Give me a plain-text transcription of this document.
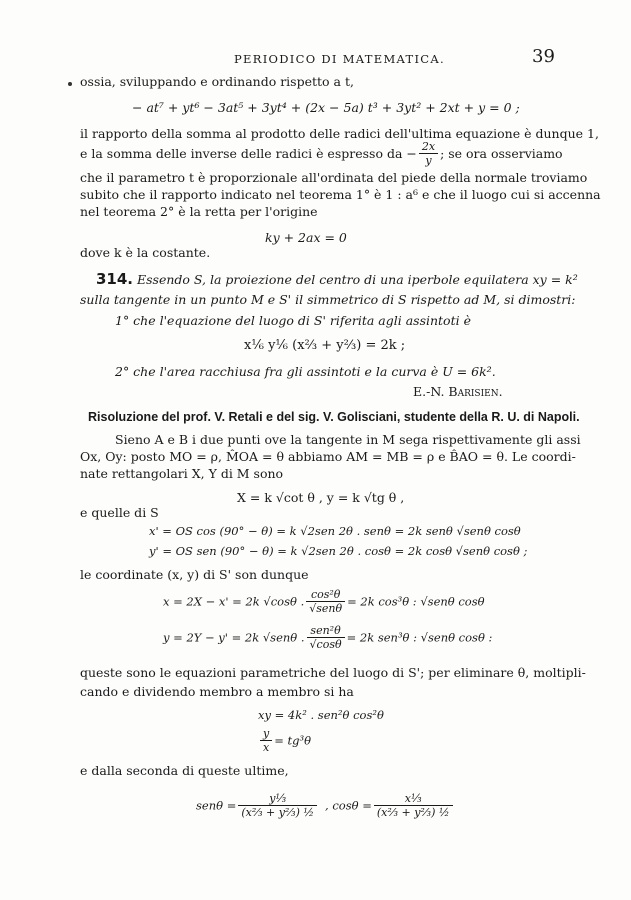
PERIODICO DI MATEMATICA.	39
ossia, sviluppando e ordinando rispetto a t,
− at⁷ + yt⁶ − 3at⁵ + 3yt⁴ + (2x − 5a) t³ + 3yt² + 2xt + y = 0 ;
il rapporto della somma al prodotto delle radici dell'ultima equazione è dunque 1,
e la somma delle inverse delle radici è espresso da − $\frac{2x}{y}$ ; se ora osserviamo
che il parametro t è proporzionale all'ordinata del piede della normale troviamo
subito che il rapporto indicato nel teorema 1° è 1 : a⁶ e che il luogo cui si accenna
nel teorema 2° è la retta per l'origine
ky + 2ax = 0
dove k è la costante.
314. Essendo S, la proiezione del centro di una iperbole equilatera xy = k²
sulla tangente in un punto M e S' il simmetrico di S rispetto ad M, si dimostri:
1° che l'equazione del luogo di S' riferita agli assintoti è
x⅙ y⅙ (x⅔ + y⅔) = 2k ;
2° che l'area racchiusa fra gli assintoti e la curva è U = 6k².
E.-N. Barisien.
Risoluzione del prof. V. Retali e del sig. V. Golisciani, studente della R. U. di Napoli.
Sieno A e B i due punti ove la tangente in M sega rispettivamente gli assi
Ox, Oy: posto MO = ρ, M̂OA = θ abbiamo AM = MB = ρ e B̂AO = θ. Le coordi-
nate rettangolari X, Y di M sono
X = k √cot θ , y = k √tg θ ,
e quelle di S
x' = OS cos (90° − θ) = k √2sen 2θ . senθ = 2k senθ √senθ cosθ
y' = OS sen (90° − θ) = k √2sen 2θ . cosθ = 2k cosθ √senθ cosθ ;
le coordinate (x, y) di S' son dunque
x = 2X − x' = 2k √cosθ . $\frac{\text{cos²θ}}{\text{√senθ}} = 2k$ cos³θ : √senθ cosθ
y = 2Y − y' = 2k √senθ . $\frac{\text{sen²θ}}{√\cos\theta} = 2k$ sen³θ : √senθ cosθ :
queste sono le equazioni parametriche del luogo di S'; per eliminare θ, moltipli-
cando e dividendo membro a membro si ha
xy = 4k² . sen²θ cos²θ
$\frac{y}{x} = tg^3\theta$
e dalla seconda di queste ultime,
$sen\theta = \frac{\text{y⅓}}{\text{(x⅔ + y⅔) ½}}$ , $\cos\theta = \frac{\text{x⅓}}{\text{(x⅔ + y⅔) ½}}$
